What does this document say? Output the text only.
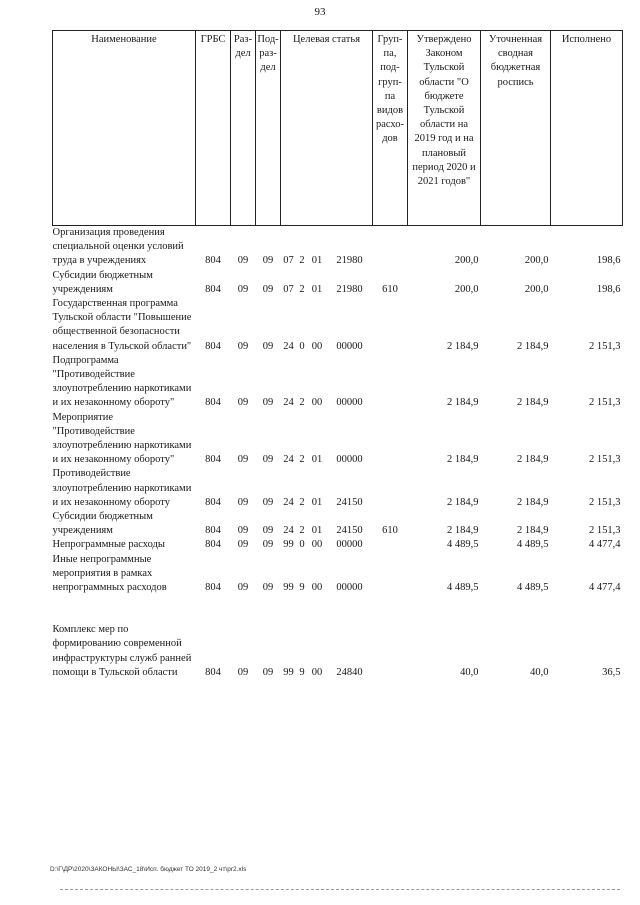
93
Наименование	ГРБС	Раз-дел	Под-раз-дел	Целевая статья				Груп-па, под-груп-па видов расхо-дов	Утверждено Законом Тульской области "О бюджете Тульской области на 2019 год и на плановый период 2020 и 2021 годов"	Уточненная сводная бюджетная роспись	Исполнено
Организация проведения специальной оценки условий труда в учреждениях	804	09	09	07	2	01	21980		200,0	200,0	198,6
Субсидии бюджетным учреждениям	804	09	09	07	2	01	21980	610	200,0	200,0	198,6
Государственная программа Тульской области "Повышение общественной безопасности населения в Тульской области"	804	09	09	24	0	00	00000		2 184,9	2 184,9	2 151,3
Подпрограмма "Противодействие злоупотреблению наркотиками и их незаконному обороту"	804	09	09	24	2	00	00000		2 184,9	2 184,9	2 151,3
Мероприятие "Противодействие злоупотреблению наркотиками и их незаконному обороту"	804	09	09	24	2	01	00000		2 184,9	2 184,9	2 151,3
Противодействие злоупотреблению наркотиками и их незаконному обороту	804	09	09	24	2	01	24150		2 184,9	2 184,9	2 151,3
Субсидии бюджетным учреждениям	804	09	09	24	2	01	24150	610	2 184,9	2 184,9	2 151,3
Непрограммные расходы	804	09	09	99	0	00	00000		4 489,5	4 489,5	4 477,4
Иные непрограммные мероприятия в рамках непрограммных расходов	804	09	09	99	9	00	00000		4 489,5	4 489,5	4 477,4

Комплекс мер по формированию современной инфраструктуры служб ранней помощи в Тульской области	804	09	09	99	9	00	24840		40,0	40,0	36,5
D:\Г\ДР\2020\ЗАКОНЫ\ЗАС_18\Исп. бюджет ТО 2019_2 чт\pr2.xls
